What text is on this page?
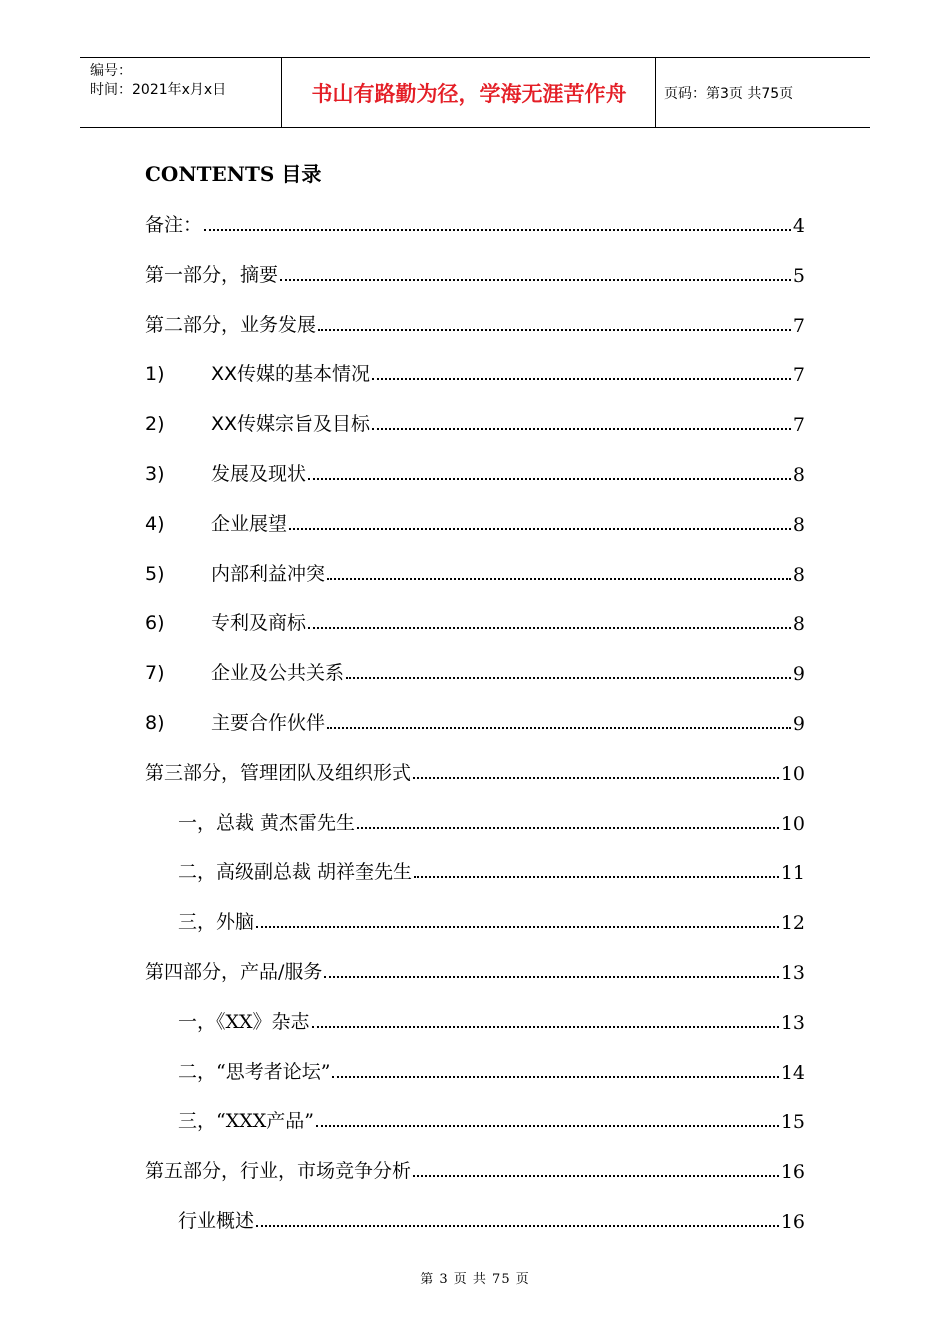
编号：
时间：2021年x月x日	书山有路勤为径，学海无涯苦作舟	页码：第3页 共75页
CONTENTS 目录
备注：	4
第一部分，摘要	5
第二部分，业务发展	7
1) XX传媒的基本情况	7
2) XX传媒宗旨及目标	7
3) 发展及现状	8
4) 企业展望	8
5) 内部利益冲突	8
6) 专利及商标	8
7) 企业及公共关系	9
8) 主要合作伙伴	9
第三部分，管理团队及组织形式	10
一，总裁 黄杰雷先生	10
二，高级副总裁 胡祥奎先生	11
三，外脑	12
第四部分，产品/服务	13
一，《XX》杂志	13
二，“思考者论坛”	14
三，“XXX产品”	15
第五部分，行业，市场竞争分析	16
行业概述	16
第 3 页 共 75 页
